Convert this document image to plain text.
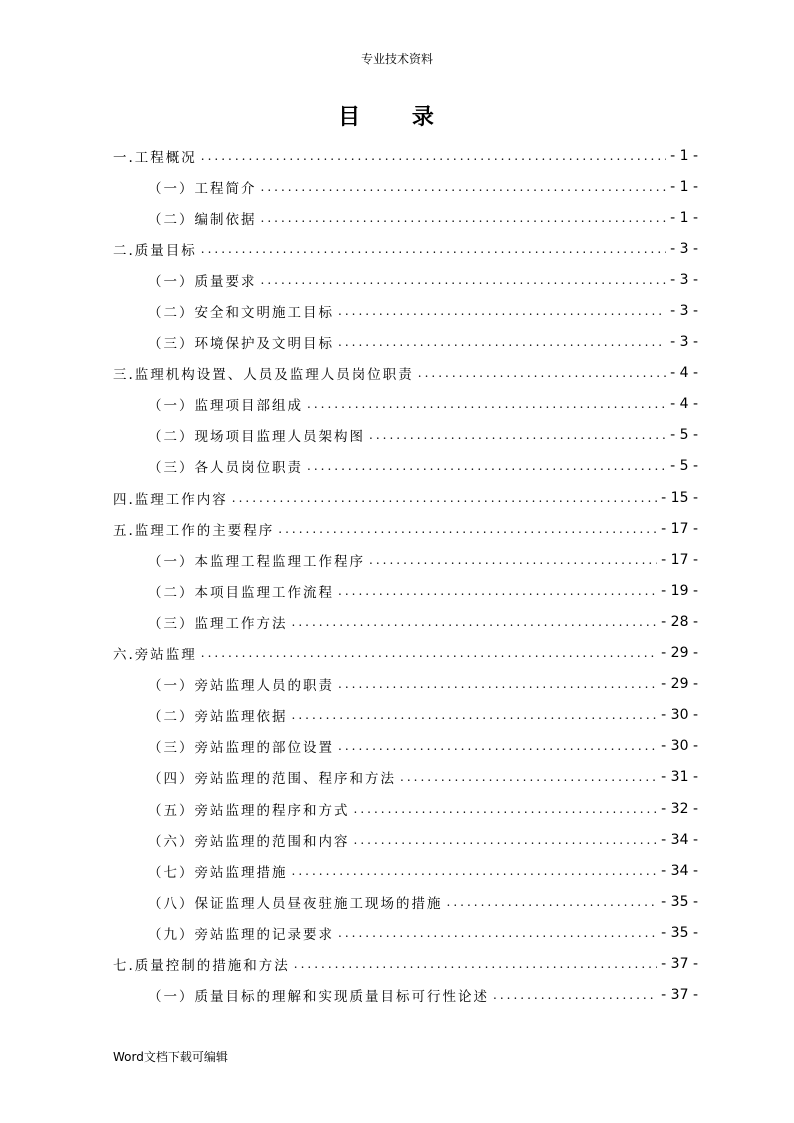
专业技术资料
目 录
一.工程概况 .....	- 1 -
（一）工程简介 .....	- 1 -
（二）编制依据 .....	- 1 -
二.质量目标 .....	- 3 -
（一）质量要求 .....	- 3 -
（二）安全和文明施工目标 .....	- 3 -
（三）环境保护及文明目标 .....	- 3 -
三.监理机构设置、人员及监理人员岗位职责 .....	- 4 -
（一）监理项目部组成 .....	- 4 -
（二）现场项目监理人员架构图 .....	- 5 -
（三）各人员岗位职责 .....	- 5 -
四.监理工作内容 .....	- 15 -
五.监理工作的主要程序 .....	- 17 -
（一）本监理工程监理工作程序 .....	- 17 -
（二）本项目监理工作流程 .....	- 19 -
（三）监理工作方法 .....	- 28 -
六.旁站监理 .....	- 29 -
（一）旁站监理人员的职责 .....	- 29 -
（二）旁站监理依据 .....	- 30 -
（三）旁站监理的部位设置 .....	- 30 -
（四）旁站监理的范围、程序和方法 .....	- 31 -
（五）旁站监理的程序和方式 .....	- 32 -
（六）旁站监理的范围和内容 .....	- 34 -
（七）旁站监理措施 .....	- 34 -
（八）保证监理人员昼夜驻施工现场的措施 .....	- 35 -
（九）旁站监理的记录要求 .....	- 35 -
七.质量控制的措施和方法 .....	- 37 -
（一）质量目标的理解和实现质量目标可行性论述 .....	- 37 -
Word文档下载可编辑
